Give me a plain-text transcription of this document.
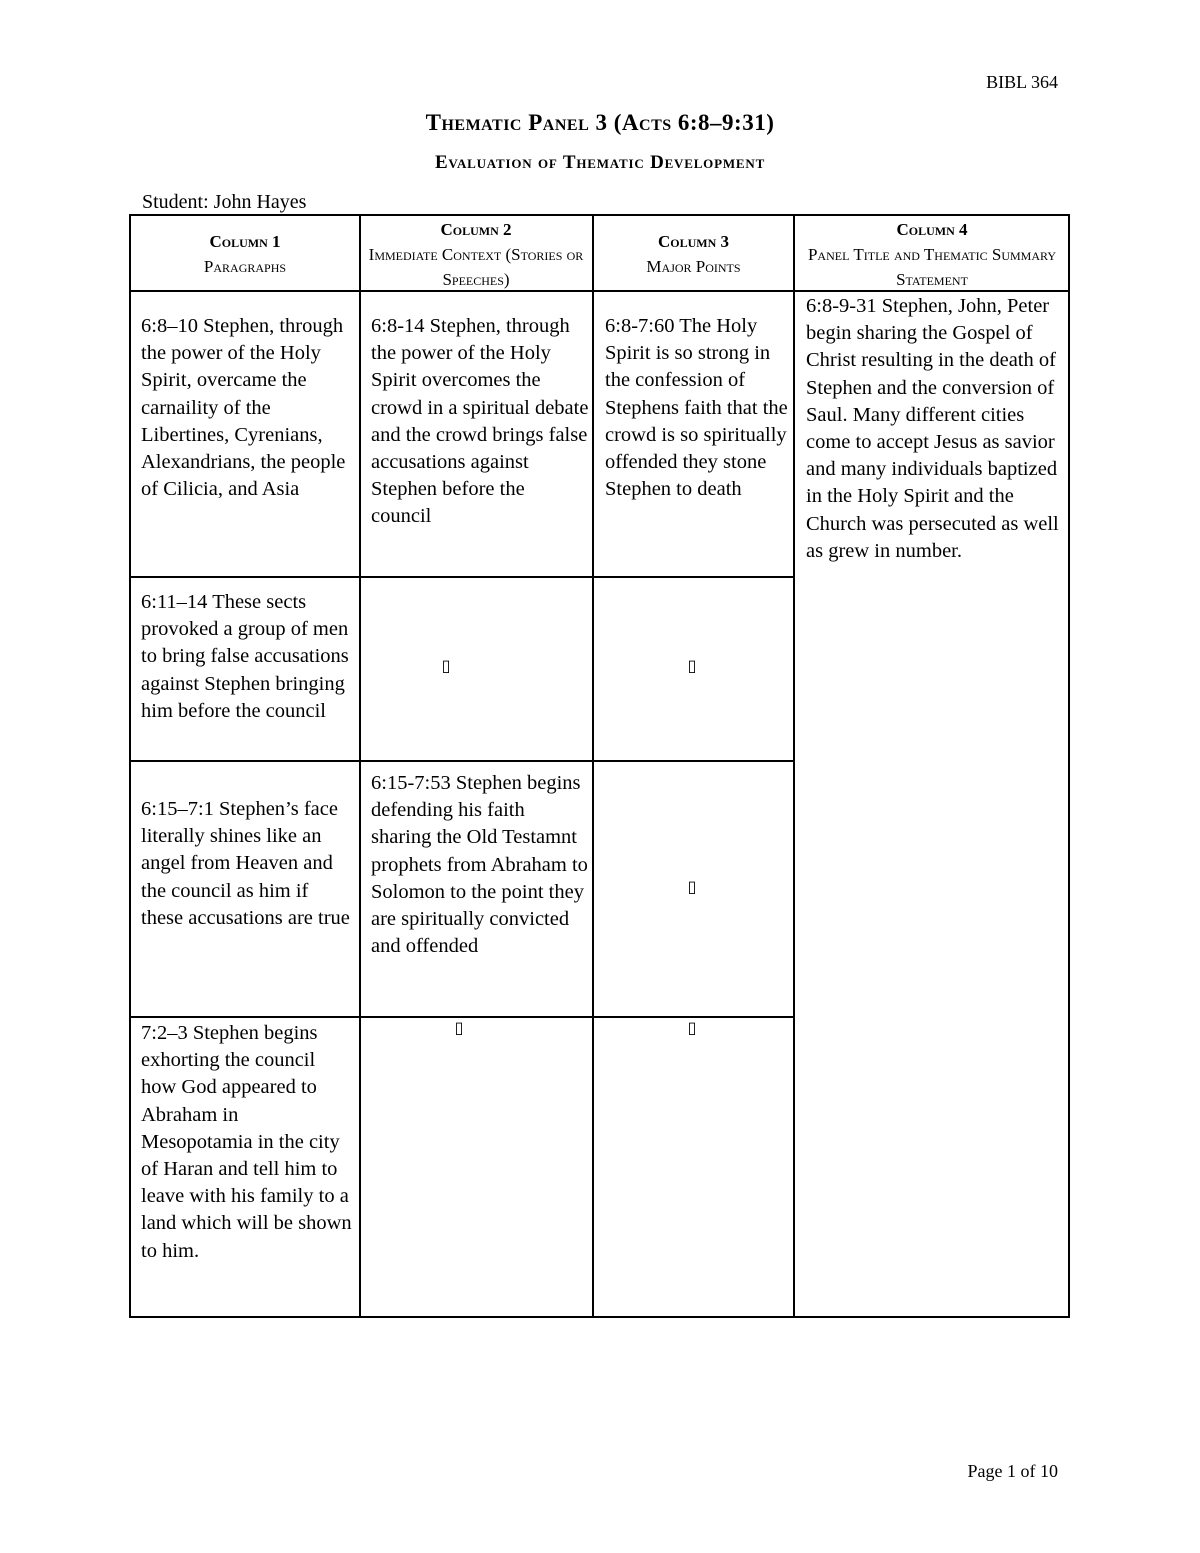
BIBL 364
Thematic Panel 3 (Acts 6:8–9:31)
Evaluation of Thematic Development
Student: John Hayes
Column 1
Paragraphs
Column 2
Immediate Context (Stories or Speeches)
Column 3
Major Points
Column 4
Panel Title and Thematic Summary Statement
6:8–10 Stephen, through the power of the Holy Spirit, overcame the carnaility of the Libertines, Cyrenians, Alexandrians, the people of Cilicia, and Asia
6:11–14 These sects provoked a group of men to bring false accusations against Stephen bringing him before the council
6:15–7:1 Stephen’s face literally shines like an angel from Heaven and the council as him if these accusations are true
7:2–3 Stephen begins exhorting the council how God appeared to Abraham in Mesopotamia in the city of Haran and tell him to leave with his family to a land which will be shown to him.
6:8-14 Stephen, through the power of the Holy Spirit overcomes the crowd in a spiritual debate and the crowd brings false accusations against Stephen before the council
6:15-7:53 Stephen begins defending his faith sharing the Old Testamnt prophets from Abraham to Solomon to the point they are spiritually convicted and offended
6:8-7:60 The Holy Spirit is so strong in the confession of Stephens faith that the crowd is so spiritually offended they stone Stephen to death
6:8-9-31 Stephen, John, Peter begin sharing the Gospel of Christ resulting in the death of Stephen and the conversion of Saul. Many different cities come to accept Jesus as savior and many individuals baptized in the Holy Spirit and the Church was persecuted as well as grew in number.
▯	▯
▯
▯	▯
Page 1 of 10
